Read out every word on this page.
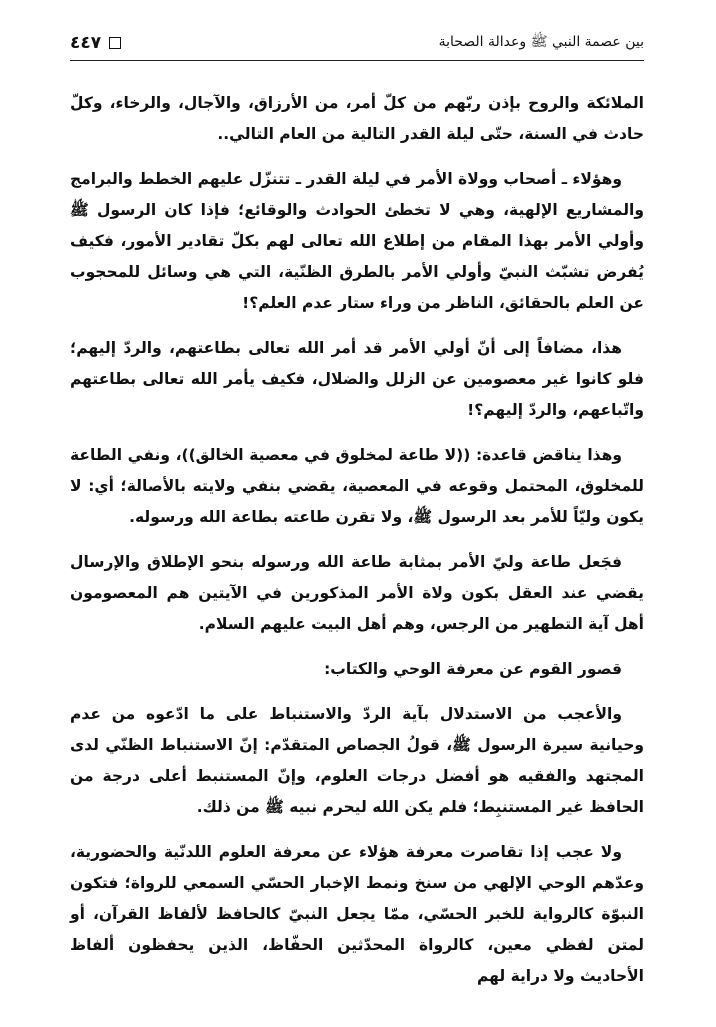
٤٤٧	بين عصمة النبي ﷺ وعدالة الصحابة

الملائكة والروح بإذن ربّهم من كلّ أمر، من الأرزاق، والآجال، والرخاء، وكلّ حادث في السنة، حتّى ليلة القدر التالية من العام التالي..

وهؤلاء ـ أصحاب وولاة الأمر في ليلة القدر ـ تتنزّل عليهم الخطط والبرامج والمشاريع الإلهية، وهي لا تخطئ الحوادث والوقائع؛ فإذا كان الرسول ﷺ وأولي الأمر بهذا المقام من إطلاع الله تعالى لهم بكلّ تقادير الأمور، فكيف يُفرض تشبّث النبيّ وأولي الأمر بالطرق الظنّية، التي هي وسائل للمحجوب عن العلم بالحقائق، الناظر من وراء ستار عدم العلم؟!

هذا، مضافاً إلى أنّ أولي الأمر قد أمر الله تعالى بطاعتهم، والردّ إليهم؛ فلو كانوا غير معصومين عن الزلل والضلال، فكيف يأمر الله تعالى بطاعتهم واتّباعهم، والردّ إليهم؟!

وهذا يناقض قاعدة: ((لا طاعة لمخلوق في معصية الخالق))، ونفي الطاعة للمخلوق، المحتمل وقوعه في المعصية، يقضي بنفي ولايته بالأصالة؛ أي: لا يكون وليّاً للأمر بعد الرسول ﷺ، ولا تقرن طاعته بطاعة الله ورسوله.

فجَعل طاعة وليّ الأمر بمثابة طاعة الله ورسوله بنحو الإطلاق والإرسال يقضي عند العقل بكون ولاة الأمر المذكورين في الآيتين هم المعصومون أهل آية التطهير من الرجس، وهم أهل البيت عليهم السلام.

قصور القوم عن معرفة الوحي والكتاب:

والأعجب من الاستدلال بآية الردّ والاستنباط على ما ادّعوه من عدم وحيانية سيرة الرسول ﷺ، قولُ الجصاص المتقدّم: إنّ الاستنباط الظنّي لدى المجتهد والفقيه هو أفضل درجات العلوم، وإنّ المستنبط أعلى درجة من الحافظ غير المستنبِط؛ فلم يكن الله ليحرم نبيه ﷺ من ذلك.

ولا عجب إذا تقاصرت معرفة هؤلاء عن معرفة العلوم اللدنّية والحضورية، وعدّهم الوحي الإلهي من سنخ ونمط الإخبار الحسّي السمعي للرواة؛ فتكون النبوّة كالرواية للخبر الحسّي، ممّا يجعل النبيّ كالحافظ لألفاظ القرآن، أو لمتن لفظي معين، كالرواة المحدّثين الحفّاظ، الذين يحفظون ألفاظ الأحاديث ولا دراية لهم
